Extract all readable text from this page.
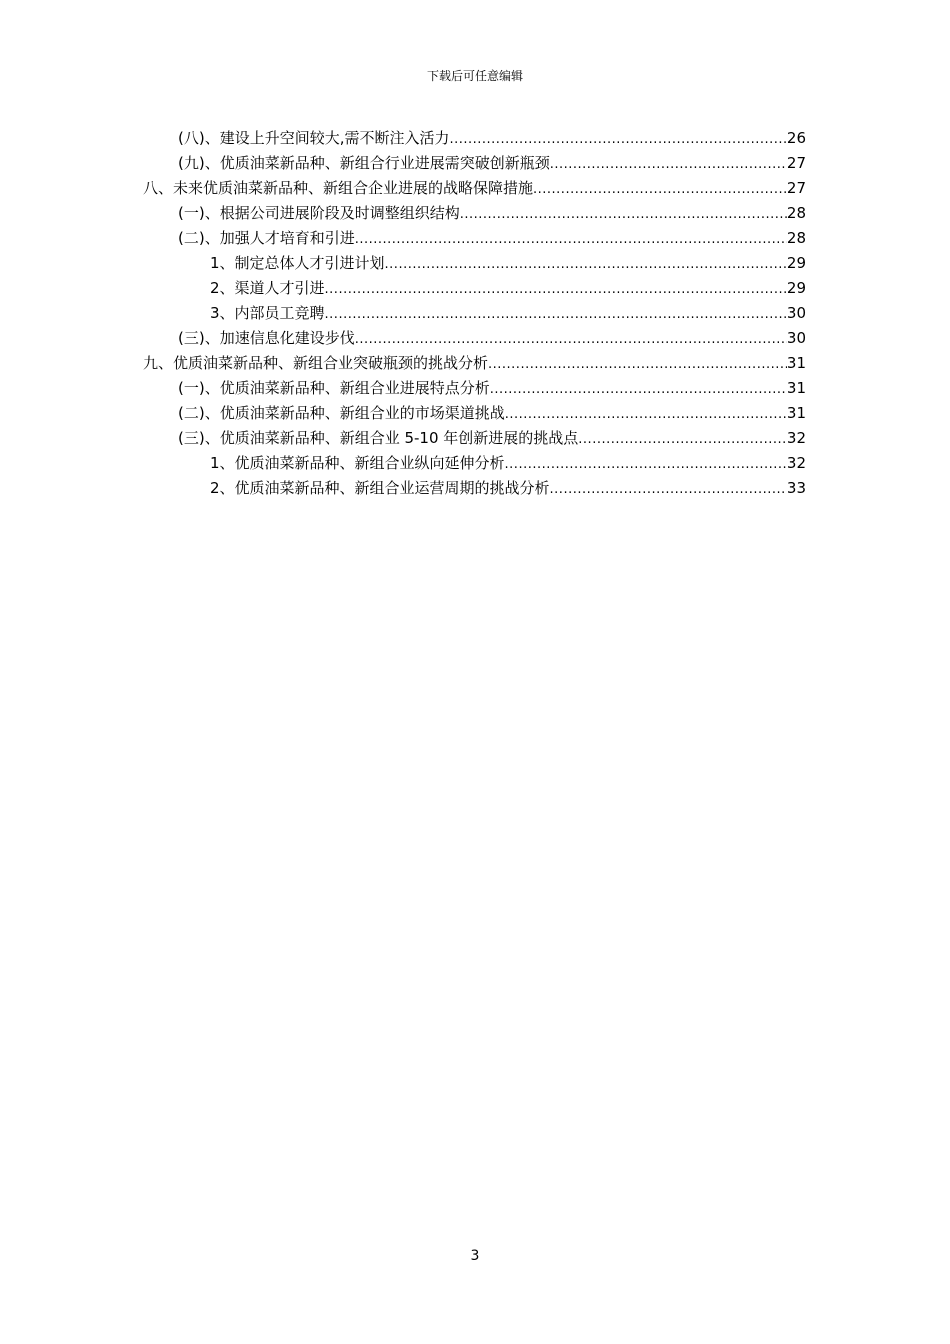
下载后可任意编辑
(八)、建设上升空间较大,需不断注入活力 .....	26
(九)、优质油菜新品种、新组合行业进展需突破创新瓶颈 .....	27
八、未来优质油菜新品种、新组合企业进展的战略保障措施 .....	27
(一)、根据公司进展阶段及时调整组织结构 .....	28
(二)、加强人才培育和引进 .....	28
1、制定总体人才引进计划 .....	29
2、渠道人才引进 .....	29
3、内部员工竞聘 .....	30
(三)、加速信息化建设步伐 .....	30
九、优质油菜新品种、新组合业突破瓶颈的挑战分析 .....	31
(一)、优质油菜新品种、新组合业进展特点分析 .....	31
(二)、优质油菜新品种、新组合业的市场渠道挑战 .....	31
(三)、优质油菜新品种、新组合业 5-10 年创新进展的挑战点 .....	32
1、优质油菜新品种、新组合业纵向延伸分析 .....	32
2、优质油菜新品种、新组合业运营周期的挑战分析 .....	33
3
